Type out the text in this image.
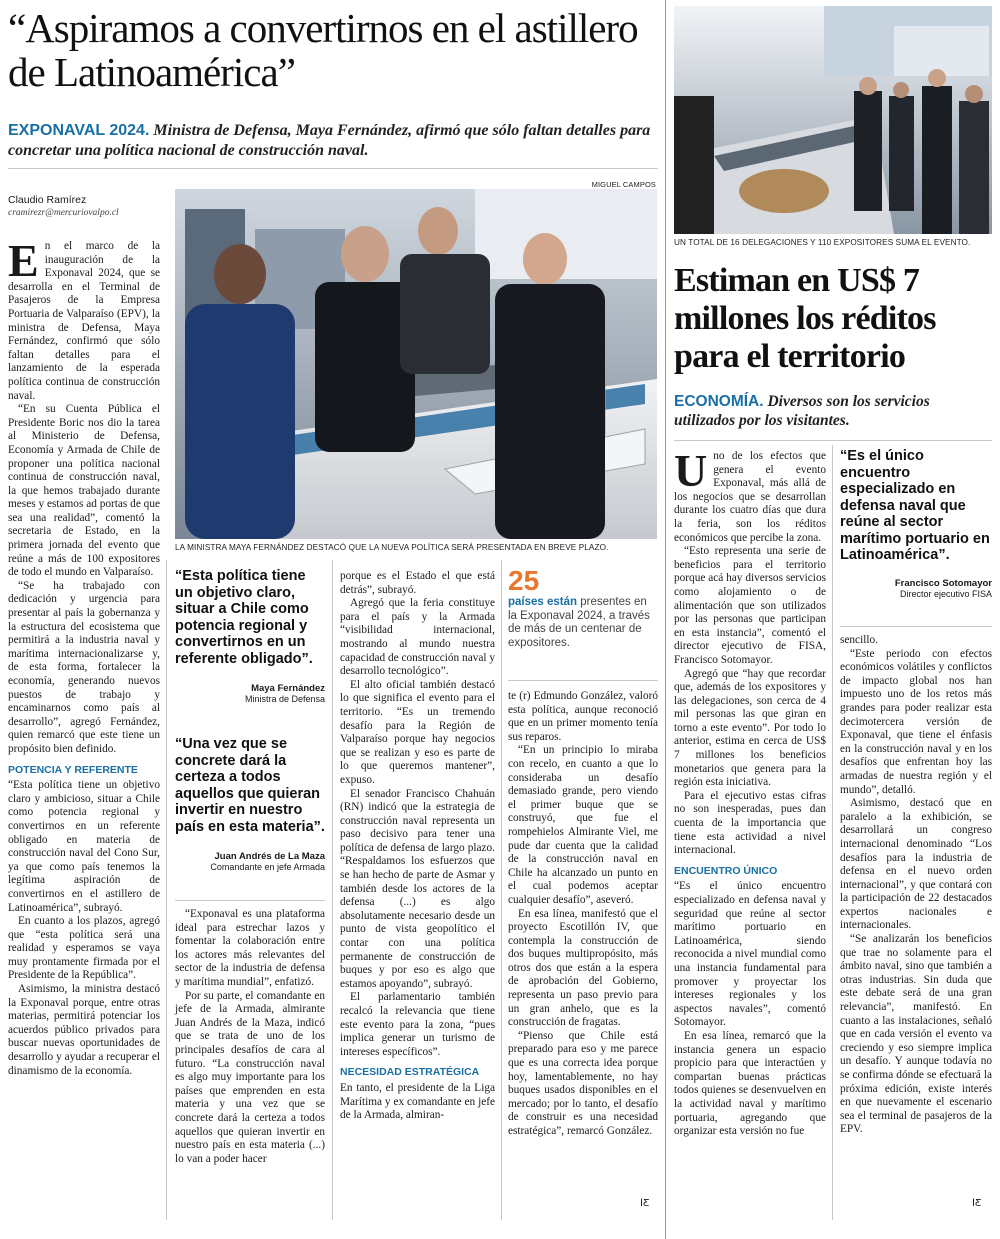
“Aspiramos a convertirnos en el astillero de Latinoamérica”
EXPONAVAL 2024. Ministra de Defensa, Maya Fernández, afirmó que sólo faltan detalles para concretar una política nacional de construcción naval.
Claudio Ramírez
cramirezr@mercuriovalpo.cl
MIGUEL CAMPOS
LA MINISTRA MAYA FERNÁNDEZ DESTACÓ QUE LA NUEVA POLÍTICA SERÁ PRESENTADA EN BREVE PLAZO.

En el marco de la inauguración de la Exponaval 2024, que se desarrolla en el Terminal de Pasajeros de la Empresa Portuaria de Valparaíso (EPV), la ministra de Defensa, Maya Fernández, confirmó que sólo faltan detalles para el lanzamiento de la esperada política continua de construcción naval.

“En su Cuenta Pública el Presidente Boric nos dio la tarea al Ministerio de Defensa, Economía y Armada de Chile de proponer una política nacional continua de construcción naval, la que hemos trabajado durante meses y estamos ad portas de que sea una realidad”, comentó la secretaria de Estado, en la primera jornada del evento que reúne a más de 100 expositores de todo el mundo en Valparaíso.

“Se ha trabajado con dedicación y urgencia para presentar al país la gobernanza y la estructura del ecosistema que permitirá a la industria naval y marítima internacionalizarse y, de esta forma, fortalecer la economía, generando nuevos puestos de trabajo y encaminarnos como país al desarrollo”, agregó Fernández, quien remarcó que este tiene un propósito bien definido.

POTENCIA Y REFERENTE

“Esta política tiene un objetivo claro y ambicioso, situar a Chile como potencia regional y convertirnos en un referente obligado en materia de construcción naval del Cono Sur, ya que como país tenemos la legítima aspiración de convertirnos en el astillero de Latinoamérica”, subrayó.

En cuanto a los plazos, agregó que “esta política será una realidad y esperamos se vaya muy prontamente firmada por el Presidente de la República”.

Asimismo, la ministra destacó la Exponaval porque, entre otras materias, permitirá potenciar los acuerdos público privados para buscar nuevas oportunidades de desarrollo y ayudar a recuperar el dinamismo de la economía.

“Esta política tiene un objetivo claro, situar a Chile como potencia regional y convertirnos en un referente obligado”.
Maya Fernández
Ministra de Defensa
“Una vez que se concrete dará la certeza a todos aquellos que quieran invertir en nuestro país en esta materia”.
Juan Andrés de La Maza
Comandante en jefe Armada

“Exponaval es una plataforma ideal para estrechar lazos y fomentar la colaboración entre los actores más relevantes del sector de la industria de defensa y marítima mundial”, enfatizó.

Por su parte, el comandante en jefe de la Armada, almirante Juan Andrés de la Maza, indicó que se trata de uno de los principales desafíos de cara al futuro. “La construcción naval es algo muy importante para los países que emprenden en esta materia y una vez que se concrete dará la certeza a todos aquellos que quieran invertir en nuestro país en esta materia (...) lo van a poder hacer

porque es el Estado el que está detrás”, subrayó.

Agregó que la feria constituye para el país y la Armada “visibilidad internacional, mostrando al mundo nuestra capacidad de construcción naval y desarrollo tecnológico”.

El alto oficial también destacó lo que significa el evento para el territorio. “Es un tremendo desafío para la Región de Valparaíso porque hay negocios que se realizan y eso es parte de lo que queremos mantener”, expuso.

El senador Francisco Chahuán (RN) indicó que la estrategia de construcción naval representa un paso decisivo para tener una política de defensa de largo plazo. “Respaldamos los esfuerzos que se han hecho de parte de Asmar y también desde los actores de la defensa (...) es algo absolutamente necesario desde un punto de vista geopolítico el contar con una política permanente de construcción de buques y por eso es algo que estamos apoyando”, subrayó.

El parlamentario también recalcó la relevancia que tiene este evento para la zona, “pues implica generar un turismo de intereses específicos”.

NECESIDAD ESTRATÉGICA

En tanto, el presidente de la Liga Marítima y ex comandante en jefe de la Armada, almiran-

25
países están presentes en la Exponaval 2024, a través de más de un centenar de expositores.

te (r) Edmundo González, valoró esta política, aunque reconoció que en un primer momento tenía sus reparos.

“En un principio lo miraba con recelo, en cuanto a que lo consideraba un desafío demasiado grande, pero viendo el primer buque que se construyó, que fue el rompehielos Almirante Viel, me pude dar cuenta que la calidad de la construcción naval en Chile ha alcanzado un punto en el cual podemos aceptar cualquier desafío”, aseveró.

En esa línea, manifestó que el proyecto Escotillón IV, que contempla la construcción de dos buques multipropósito, más otros dos que están a la espera de aprobación del Gobierno, representa un paso previo para un gran anhelo, que es la construcción de fragatas.

“Pienso que Chile está preparado para eso y me parece que es una correcta idea porque hoy, lamentablemente, no hay buques usados disponibles en el mercado; por lo tanto, el desafío de construir es una necesidad estratégica”, remarcó González.

ꓲƸ
UN TOTAL DE 16 DELEGACIONES Y 110 EXPOSITORES SUMA EL EVENTO.
Estiman en US$ 7 millones los réditos para el territorio
ECONOMÍA. Diversos son los servicios utilizados por los visitantes.

Uno de los efectos que genera el evento Exponaval, más allá de los negocios que se desarrollan durante los cuatro días que dura la feria, son los réditos económicos que percibe la zona.

“Esto representa una serie de beneficios para el territorio porque acá hay diversos servicios como alojamiento o de alimentación que son utilizados por las personas que participan en esta instancia”, comentó el director ejecutivo de FISA, Francisco Sotomayor.

Agregó que “hay que recordar que, además de los expositores y las delegaciones, son cerca de 4 mil personas las que giran en torno a este evento”. Por todo lo anterior, estima en cerca de US$ 7 millones los beneficios monetarios que genera para la región esta iniciativa.

Para el ejecutivo estas cifras no son inesperadas, pues dan cuenta de la importancia que tiene esta actividad a nivel internacional.

ENCUENTRO ÚNICO

“Es el único encuentro especializado en defensa naval y seguridad que reúne al sector marítimo portuario en Latinoamérica, siendo reconocida a nivel mundial como una instancia fundamental para promover y proyectar los intereses regionales y los aspectos navales”, comentó Sotomayor.

En esa línea, remarcó que la instancia genera un espacio propicio para que interactúen y compartan buenas prácticas todos quienes se desenvuelven en la actividad naval y marítimo portuaria, agregando que organizar esta versión no fue

“Es el único encuentro especializado en defensa naval que reúne al sector marítimo portuario en Latinoamérica”.
Francisco Sotomayor
Director ejecutivo FISA

sencillo.

“Este periodo con efectos económicos volátiles y conflictos de impacto global nos han impuesto uno de los retos más grandes para poder realizar esta decimotercera versión de Exponaval, que tiene el énfasis en la construcción naval y en los desafíos que enfrentan hoy las armadas de nuestra región y el mundo”, detalló.

Asimismo, destacó que en paralelo a la exhibición, se desarrollará un congreso internacional denominado “Los desafíos para la industria de defensa en el nuevo orden internacional”, y que contará con la participación de 22 destacados expertos nacionales e internacionales.

“Se analizarán los beneficios que trae no solamente para el ámbito naval, sino que también a otras industrias. Sin duda que este debate será de una gran relevancia”, manifestó. En cuanto a las instalaciones, señaló que en cada versión el evento va creciendo y eso siempre implica un desafío. Y aunque todavía no se confirma dónde se efectuará la próxima edición, existe interés en que nuevamente el escenario sea el terminal de pasajeros de la EPV.

ꓲƸ
